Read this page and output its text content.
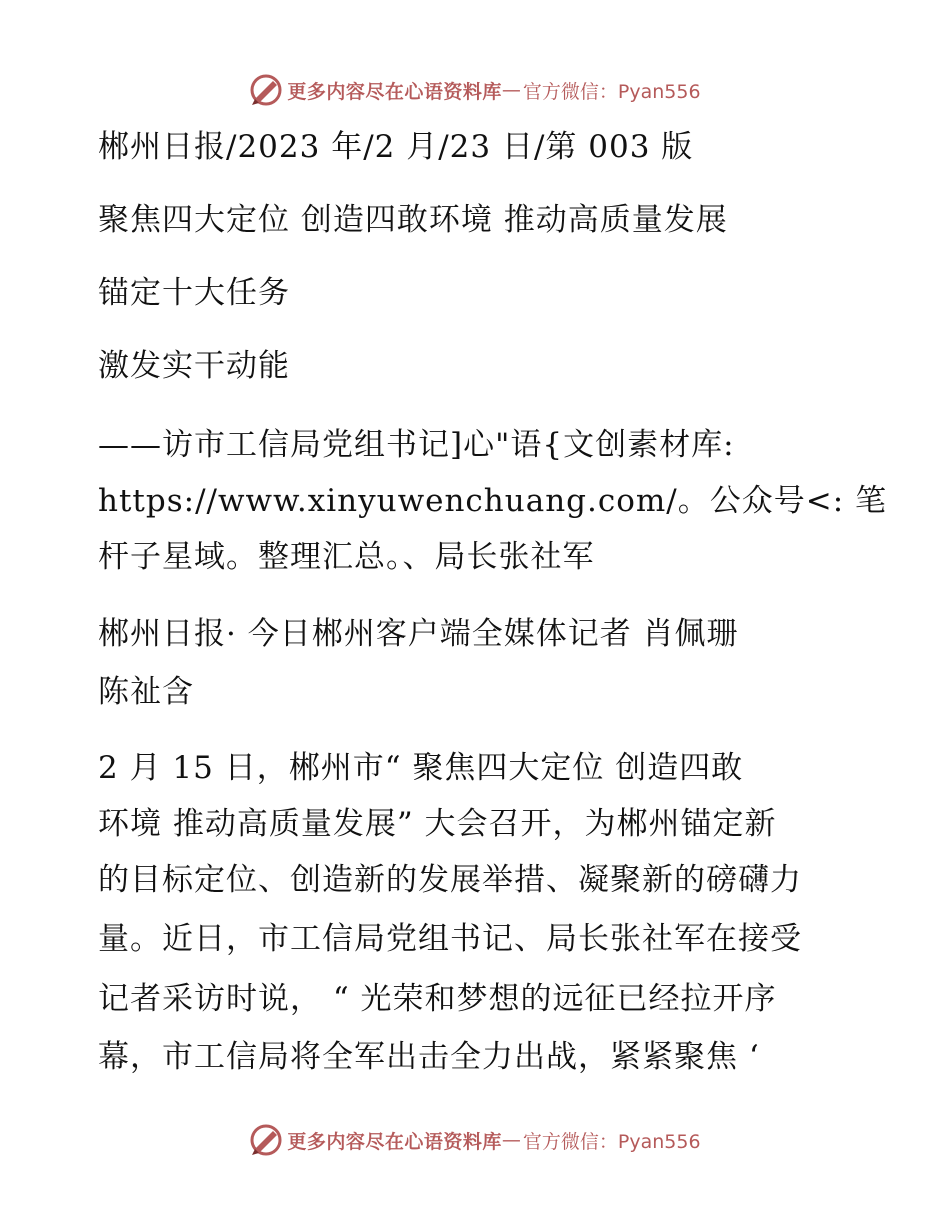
更多内容尽在心语资料库 — 官方微信：Pyan556
郴州日报/2023 年/2 月/23 日/第 003 版
聚焦四大定位 创造四敢环境 推动高质量发展
锚定十大任务
激发实干动能
——访市工信局党组书记]心"语{文创素材库:
https://www.xinyuwenchuang.com/。公众号<: 笔
杆子星域。整理汇总。、局长张社军
郴州日报· 今日郴州客户端全媒体记者 肖佩珊
陈祉含
2 月 15 日，郴州市“ 聚焦四大定位 创造四敢
环境 推动高质量发展” 大会召开，为郴州锚定新
的目标定位、创造新的发展举措、凝聚新的磅礴力
量。近日，市工信局党组书记、局长张社军在接受
记者采访时说， “ 光荣和梦想的远征已经拉开序
幕，市工信局将全军出击全力出战，紧紧聚焦 ‘
更多内容尽在心语资料库 — 官方微信：Pyan556
